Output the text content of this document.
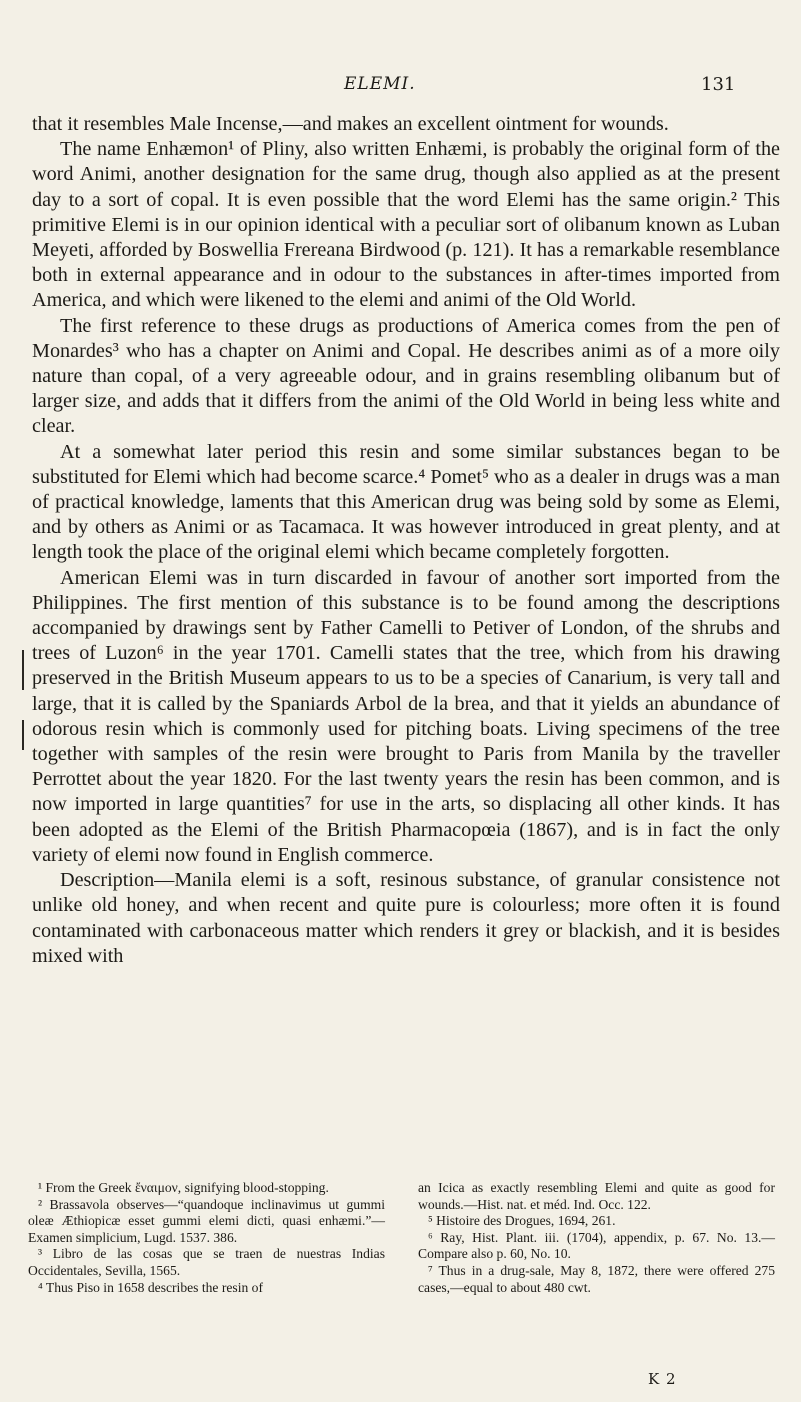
ELEMI.	131

that it resembles Male Incense,—and makes an excellent ointment for wounds.

The name Enhæmon¹ of Pliny, also written Enhæmi, is probably the original form of the word Animi, another designation for the same drug, though also applied as at the present day to a sort of copal. It is even possible that the word Elemi has the same origin.² This primitive Elemi is in our opinion identical with a peculiar sort of olibanum known as Luban Meyeti, afforded by Boswellia Frereana Birdwood (p. 121). It has a remarkable resemblance both in external appearance and in odour to the substances in after-times imported from America, and which were likened to the elemi and animi of the Old World.

The first reference to these drugs as productions of America comes from the pen of Monardes³ who has a chapter on Animi and Copal. He describes animi as of a more oily nature than copal, of a very agreeable odour, and in grains resembling olibanum but of larger size, and adds that it differs from the animi of the Old World in being less white and clear.

At a somewhat later period this resin and some similar substances began to be substituted for Elemi which had become scarce.⁴ Pomet⁵ who as a dealer in drugs was a man of practical knowledge, laments that this American drug was being sold by some as Elemi, and by others as Animi or as Tacamaca. It was however introduced in great plenty, and at length took the place of the original elemi which became completely forgotten.

American Elemi was in turn discarded in favour of another sort imported from the Philippines. The first mention of this substance is to be found among the descriptions accompanied by drawings sent by Father Camelli to Petiver of London, of the shrubs and trees of Luzon⁶ in the year 1701. Camelli states that the tree, which from his drawing preserved in the British Museum appears to us to be a species of Canarium, is very tall and large, that it is called by the Spaniards Arbol de la brea, and that it yields an abundance of odorous resin which is commonly used for pitching boats. Living specimens of the tree together with samples of the resin were brought to Paris from Manila by the traveller Perrottet about the year 1820. For the last twenty years the resin has been common, and is now imported in large quantities⁷ for use in the arts, so displacing all other kinds. It has been adopted as the Elemi of the British Pharmacopœia (1867), and is in fact the only variety of elemi now found in English commerce.

Description—Manila elemi is a soft, resinous substance, of granular consistence not unlike old honey, and when recent and quite pure is colourless; more often it is found contaminated with carbonaceous matter which renders it grey or blackish, and it is besides mixed with

¹ From the Greek ἔναιμον, signifying blood-stopping.

² Brassavola observes—“quandoque inclinavimus ut gummi oleæ Æthiopicæ esset gummi elemi dicti, quasi enhæmi.”—Examen simplicium, Lugd. 1537. 386.

³ Libro de las cosas que se traen de nuestras Indias Occidentales, Sevilla, 1565.

⁴ Thus Piso in 1658 describes the resin of

an Icica as exactly resembling Elemi and quite as good for wounds.—Hist. nat. et méd. Ind. Occ. 122.

⁵ Histoire des Drogues, 1694, 261.

⁶ Ray, Hist. Plant. iii. (1704), appendix, p. 67. No. 13.—Compare also p. 60, No. 10.

⁷ Thus in a drug-sale, May 8, 1872, there were offered 275 cases,—equal to about 480 cwt.

K 2
